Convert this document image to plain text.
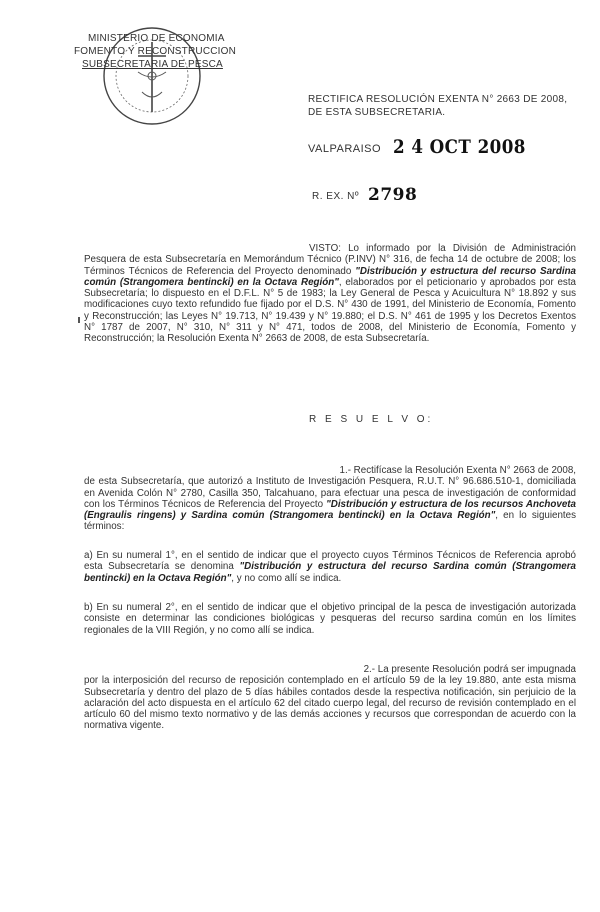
MINISTERIO DE ECONOMIA
FOMENTO Y RECONSTRUCCION
SUBSECRETARIA DE PESCA
RECTIFICA RESOLUCIÓN EXENTA N° 2663 DE 2008, DE ESTA SUBSECRETARIA.
VALPARAISO 2 4 OCT 2008
R. EX. Nº 2798

VISTO: Lo informado por la División de Administración Pesquera de esta Subsecretaría en Memorándum Técnico (P.INV) N° 316, de fecha 14 de octubre de 2008; los Términos Técnicos de Referencia del Proyecto denominado "Distribución y estructura del recurso Sardina común (Strangomera bentincki) en la Octava Región", elaborados por el peticionario y aprobados por esta Subsecretaría; lo dispuesto en el D.F.L. N° 5 de 1983; la Ley General de Pesca y Acuicultura N° 18.892 y sus modificaciones cuyo texto refundido fue fijado por el D.S. N° 430 de 1991, del Ministerio de Economía, Fomento y Reconstrucción; las Leyes N° 19.713, N° 19.439 y N° 19.880; el D.S. N° 461 de 1995 y los Decretos Exentos N° 1787 de 2007, N° 310, N° 311 y N° 471, todos de 2008, del Ministerio de Economía, Fomento y Reconstrucción; la Resolución Exenta N° 2663 de 2008, de esta Subsecretaría.

R E S U E L V O:

1.- Rectifícase la Resolución Exenta N° 2663 de 2008,
de esta Subsecretaría, que autorizó a Instituto de Investigación Pesquera, R.U.T. N° 96.686.510-1, domiciliada en Avenida Colón N° 2780, Casilla 350, Talcahuano, para efectuar una pesca de investigación de conformidad con los Términos Técnicos de Referencia del Proyecto "Distribución y estructura de los recursos Anchoveta (Engraulis ringens) y Sardina común (Strangomera bentincki) en la Octava Región", en lo siguientes términos:

a) En su numeral 1°, en el sentido de indicar que el proyecto cuyos Términos Técnicos de Referencia aprobó esta Subsecretaría se denomina "Distribución y estructura del recurso Sardina común (Strangomera bentincki) en la Octava Región", y no como allí se indica.

b) En su numeral 2°, en el sentido de indicar que el objetivo principal de la pesca de investigación autorizada consiste en determinar las condiciones biológicas y pesqueras del recurso sardina común en los límites regionales de la VIII Región, y no como allí se indica.

2.- La presente Resolución podrá ser impugnada
por la interposición del recurso de reposición contemplado en el artículo 59 de la ley 19.880, ante esta misma Subsecretaría y dentro del plazo de 5 días hábiles contados desde la respectiva notificación, sin perjuicio de la aclaración del acto dispuesta en el artículo 62 del citado cuerpo legal, del recurso de revisión contemplado en el artículo 60 del mismo texto normativo y de las demás acciones y recursos que correspondan de acuerdo con la normativa vigente.
